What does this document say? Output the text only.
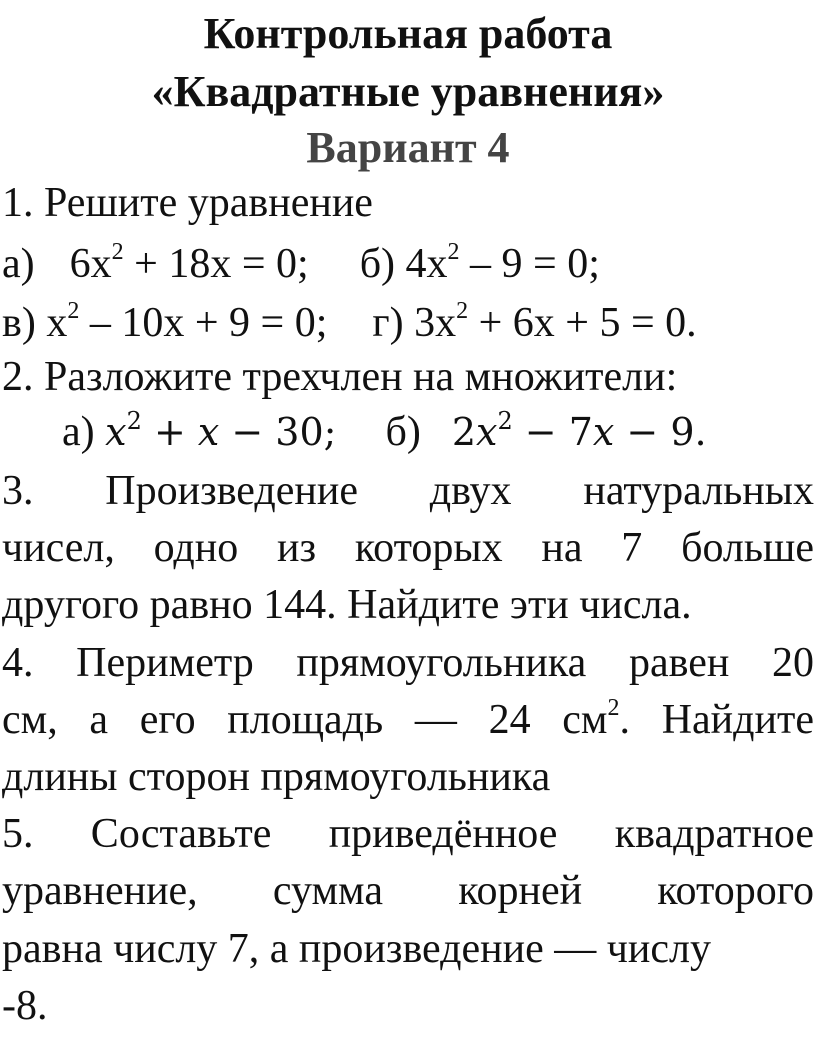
Контрольная работа
«Квадратные уравнения»
Вариант 4
1. Решите уравнение
а) $6x^2 + 18x = 0$; б) $4x^2 - 9 = 0$;
в) $x^2 - 10x + 9 = 0$; г) $3x^2 + 6x + 5 = 0$.
2. Разложите трехчлен на множители:
а) $x^2 + x - 30$; б) $2x^2 - 7x - 9$.
3. Произведение двух натуральных
чисел, одно из которых на 7 больше
другого равно 144. Найдите эти числа.
4. Периметр прямоугольника равен 20
см, а его площадь — 24 $см^2$. Найдите
длины сторон прямоугольника
5. Составьте приведённое квадратное
уравнение, сумма корней которого
равна числу 7, а произведение — числу
-8.
